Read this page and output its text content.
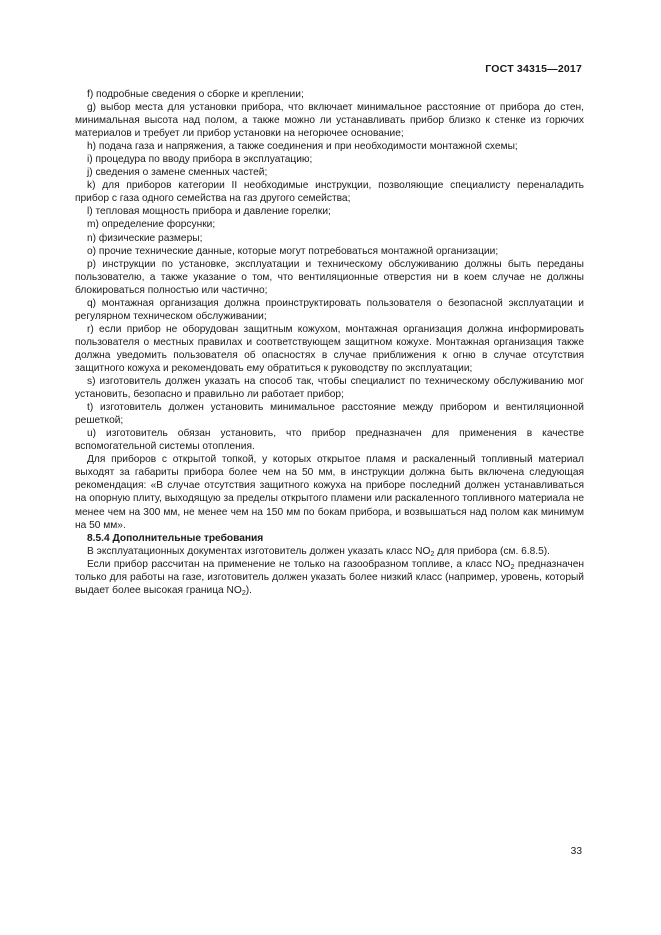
ГОСТ 34315—2017

f) подробные сведения о сборке и креплении;

g) выбор места для установки прибора, что включает минимальное расстояние от прибора до стен, минимальная высота над полом, а также можно ли устанавливать прибор близко к стенке из горючих материалов и требует ли прибор установки на негорючее основание;

h) подача газа и напряжения, а также соединения и при необходимости монтажной схемы;

i) процедура по вводу прибора в эксплуатацию;

j) сведения о замене сменных частей;

k) для приборов категории II необходимые инструкции, позволяющие специалисту переналадить прибор с газа одного семейства на газ другого семейства;

l) тепловая мощность прибора и давление горелки;

m) определение форсунки;

n) физические размеры;

o) прочие технические данные, которые могут потребоваться монтажной организации;

p) инструкции по установке, эксплуатации и техническому обслуживанию должны быть переданы пользователю, а также указание о том, что вентиляционные отверстия ни в коем случае не должны блокироваться полностью или частично;

q) монтажная организация должна проинструктировать пользователя о безопасной эксплуатации и регулярном техническом обслуживании;

r) если прибор не оборудован защитным кожухом, монтажная организация должна информировать пользователя о местных правилах и соответствующем защитном кожухе. Монтажная организация также должна уведомить пользователя об опасностях в случае приближения к огню в случае отсутствия защитного кожуха и рекомендовать ему обратиться к руководству по эксплуатации;

s) изготовитель должен указать на способ так, чтобы специалист по техническому обслуживанию мог установить, безопасно и правильно ли работает прибор;

t) изготовитель должен установить минимальное расстояние между прибором и вентиляционной решеткой;

u) изготовитель обязан установить, что прибор предназначен для применения в качестве вспомогательной системы отопления.

Для приборов с открытой топкой, у которых открытое пламя и раскаленный топливный материал выходят за габариты прибора более чем на 50 мм, в инструкции должна быть включена следующая рекомендация: «В случае отсутствия защитного кожуха на приборе последний должен устанавливаться на опорную плиту, выходящую за пределы открытого пламени или раскаленного топливного материала не менее чем на 300 мм, не менее чем на 150 мм по бокам прибора, и возвышаться над полом как минимум на 50 мм».

8.5.4 Дополнительные требования

В эксплуатационных документах изготовитель должен указать класс $NO_2$ для прибора (см. 6.8.5).

Если прибор рассчитан на применение не только на газообразном топливе, а класс $NO_2$ предназначен только для работы на газе, изготовитель должен указать более низкий класс (например, уровень, который выдает более высокая граница $NO_2$).

33
